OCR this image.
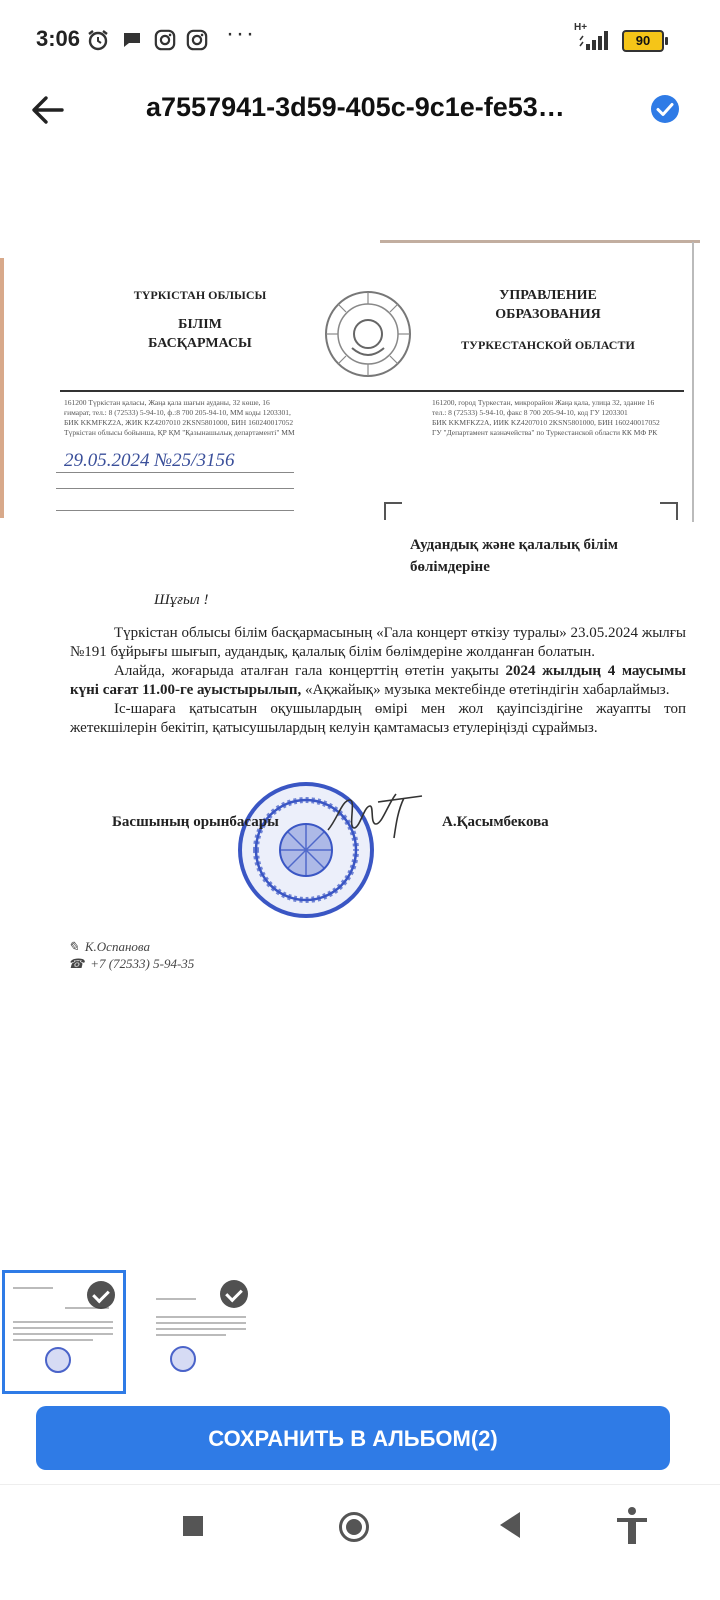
3:06	···	H+
90
a7557941-3d59-405c-9c1e-fe53…
ТҮРКІСТАН ОБЛЫСЫ
БІЛІМ
БАСҚАРМАСЫ
УПРАВЛЕНИЕ
ОБРАЗОВАНИЯ
ТУРКЕСТАНСКОЙ ОБЛАСТИ
161200 Түркістан қаласы, Жаңа қала шағын ауданы, 32 көше, 16
ғимарат, тел.: 8 (72533) 5-94-10, ф.:8 700 205-94-10, ММ коды 1203301,
БИК KKMFKZ2A, ЖИК KZ4207010 2KSN5801000, БИН 160240017052
Түркістан облысы бойынша, ҚР ҚМ "Қазынашылық департаменті" ММ
161200, город Туркестан, микрорайон Жаңа қала, улица 32, здание 16
тел.: 8 (72533) 5-94-10, факс 8 700 205-94-10, код ГУ 1203301
БИК KKMFKZ2A, ИИК KZ4207010 2KSN5801000, БИН 160240017052
ГУ "Департамент казначейства" по Туркестанской области КК МФ РК
29.05.2024 №25/3156
Аудандық және қалалық білім бөлімдеріне
Шұғыл !

Түркістан облысы білім басқармасының «Гала концерт өткізу туралы» 23.05.2024 жылғы №191 бұйрығы шығып, аудандық, қалалық білім бөлімдеріне жолданған болатын.

Алайда, жоғарыда аталған гала концерттің өтетін уақыты 2024 жылдың 4 маусымы күні сағат 11.00-ге ауыстырылып, «Ақжайық» музыка мектебінде өтетіндігін хабарлаймыз.

Іс-шараға қатысатын оқушылардың өмірі мен жол қауіпсіздігіне жауапты топ жетекшілерін бекітіп, қатысушылардың келуін қамтамасыз етулеріңізді сұраймыз.

Басшының орынбасары	А.Қасымбекова
✎ К.Оспанова
☎ +7 (72533) 5-94-35
СОХРАНИТЬ В АЛЬБОМ(2)
